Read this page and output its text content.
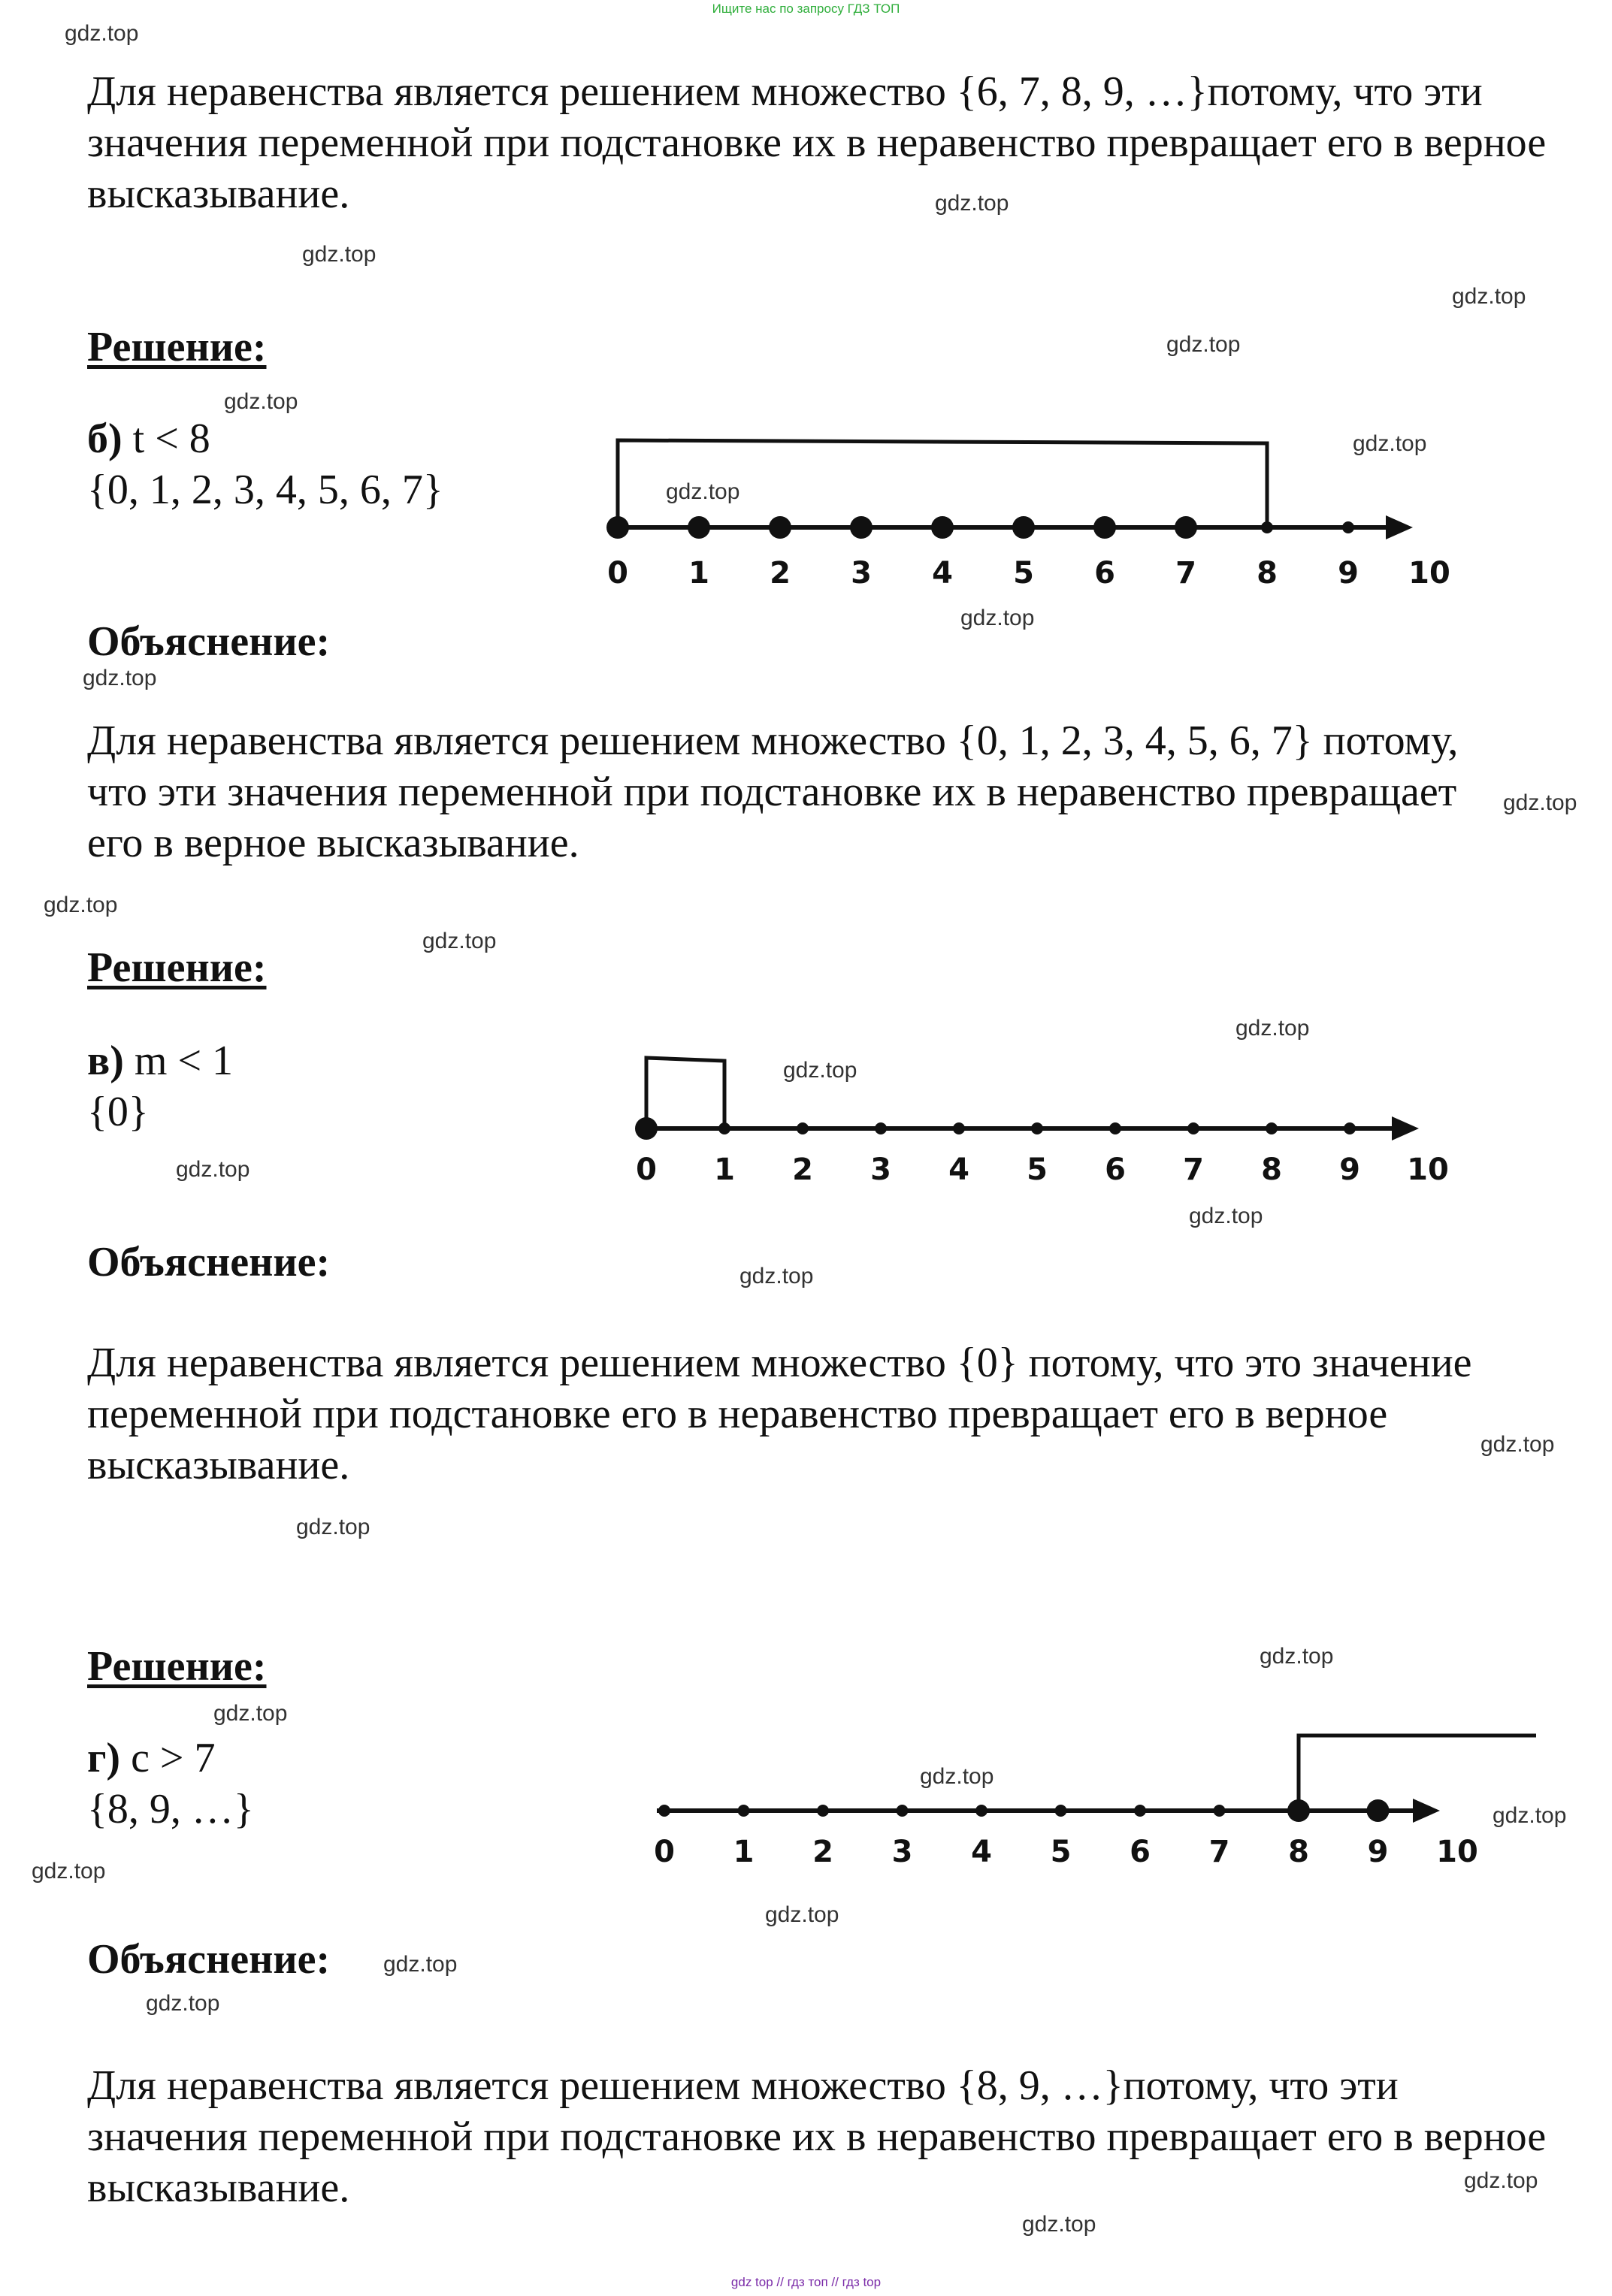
Ищите нас по запросу ГДЗ ТОП
gdz top // гдз топ // гдз top
Для неравенства является решением множество {6, 7, 8, 9, …}потому, что эти значения переменной при подстановке их в неравенство превращает его в верное высказывание.
Решение:
б) t < 8
{0, 1, 2, 3, 4, 5, 6, 7}
0 1 2 3 4 5 6 7 8 9 10
Объяснение:
Для неравенства является решением множество {0, 1, 2, 3, 4, 5, 6, 7} потому, что эти значения переменной при подстановке их в неравенство превращает его в верное высказывание.
Решение:
в) m < 1
{0}
0 1 2 3 4 5 6 7 8 9 10
Объяснение:
Для неравенства является решением множество {0} потому, что это значение переменной при подстановке его в неравенство превращает его в верное высказывание.
Решение:
г) c > 7
{8, 9, …}
0 1 2 3 4 5 6 7 8 9 10
Объяснение:
Для неравенства является решением множество {8, 9, …}потому, что эти значения переменной при подстановке их в неравенство превращает его в верное высказывание.
gdz.top
gdz.top
gdz.top
gdz.top
gdz.top
gdz.top
gdz.top
gdz.top
gdz.top
gdz.top
gdz.top
gdz.top
gdz.top
gdz.top
gdz.top
gdz.top
gdz.top
gdz.top
gdz.top
gdz.top
gdz.top
gdz.top
gdz.top
gdz.top
gdz.top
gdz.top
gdz.top
gdz.top
gdz.top
gdz.top
